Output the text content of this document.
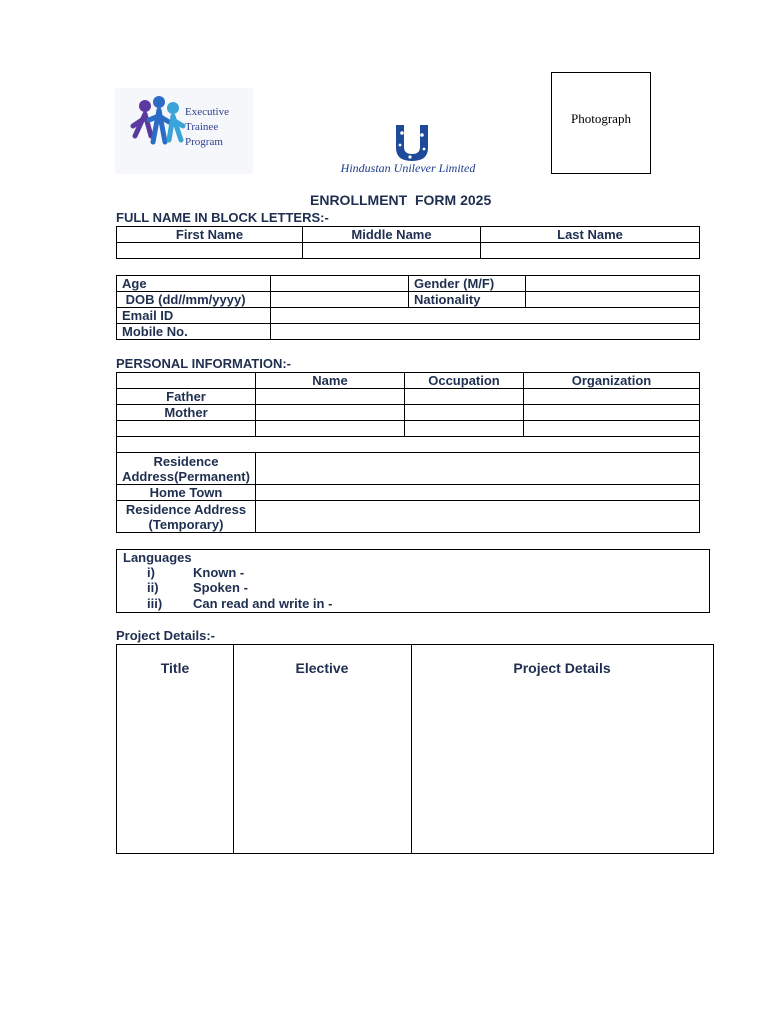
Executive
Trainee
Program
Hindustan Unilever Limited
Photograph
ENROLLMENT  FORM 2025
FULL NAME IN BLOCK LETTERS:-
First Name	Middle Name	Last Name

Age		Gender (M/F)	
DOB (dd//mm/yyyy)		Nationality	
Email ID			
Mobile No.			
PERSONAL INFORMATION:-
	Name	Occupation	Organization
Father			
Mother			

Residence
Address(Permanent)			

Home Town			

Residence Address
(Temporary)			

Languages
i)	Known -
ii)	Spoken -
iii) Can read and write in -
Project Details:-
Title	Elective	Project Details
